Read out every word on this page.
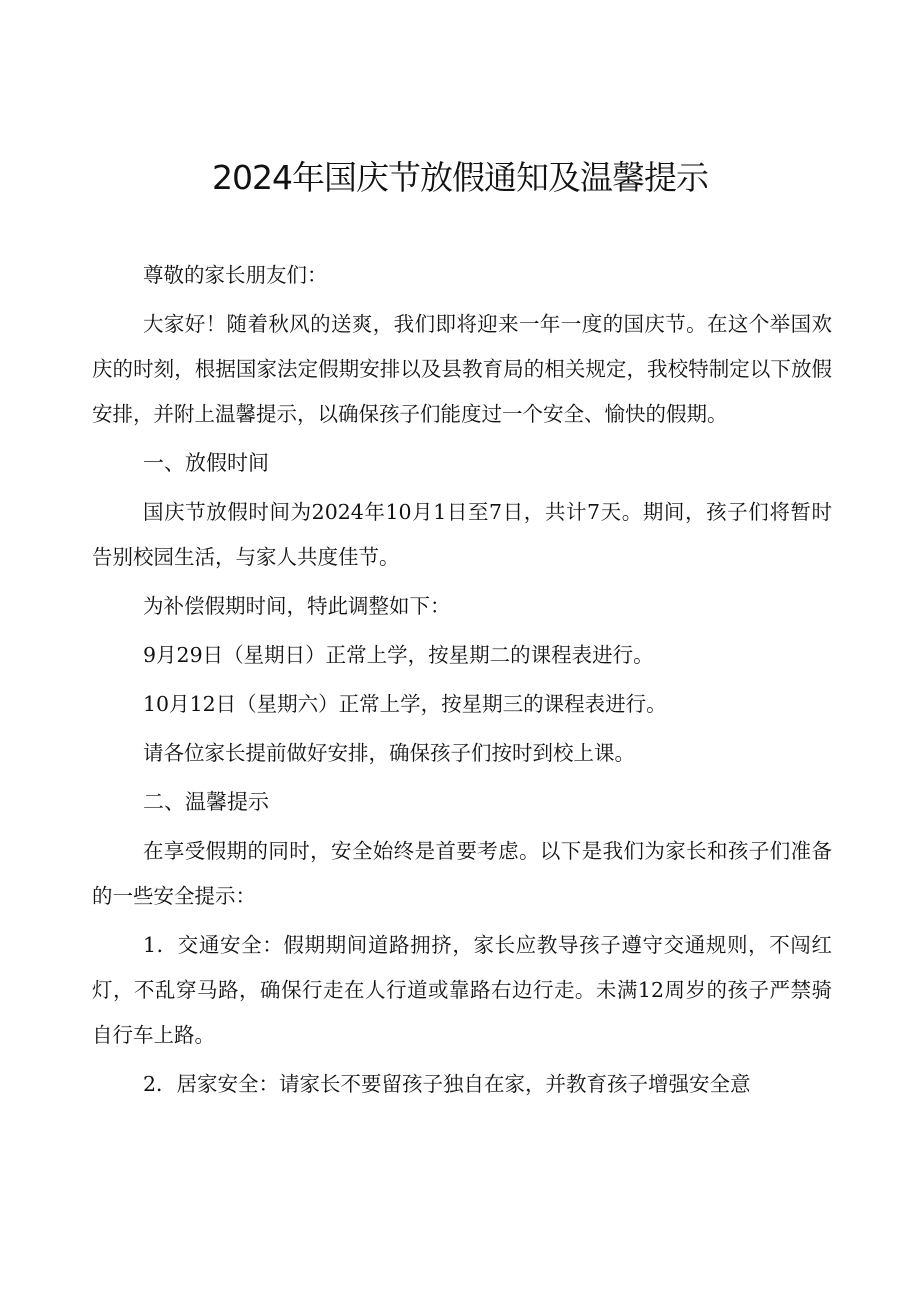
2024年国庆节放假通知及温馨提示

尊敬的家长朋友们：

大家好！随着秋风的送爽，我们即将迎来一年一度的国庆节。在这个举国欢庆的时刻，根据国家法定假期安排以及县教育局的相关规定，我校特制定以下放假安排，并附上温馨提示，以确保孩子们能度过一个安全、愉快的假期。

一、放假时间

国庆节放假时间为2024年10月1日至7日，共计7天。期间，孩子们将暂时告别校园生活，与家人共度佳节。

为补偿假期时间，特此调整如下：

9月29日（星期日）正常上学，按星期二的课程表进行。

10月12日（星期六）正常上学，按星期三的课程表进行。

请各位家长提前做好安排，确保孩子们按时到校上课。

二、温馨提示

在享受假期的同时，安全始终是首要考虑。以下是我们为家长和孩子们准备的一些安全提示：

1．交通安全：假期期间道路拥挤，家长应教导孩子遵守交通规则，不闯红灯，不乱穿马路，确保行走在人行道或靠路右边行走。未满12周岁的孩子严禁骑自行车上路。

2．居家安全：请家长不要留孩子独自在家，并教育孩子增强安全意
